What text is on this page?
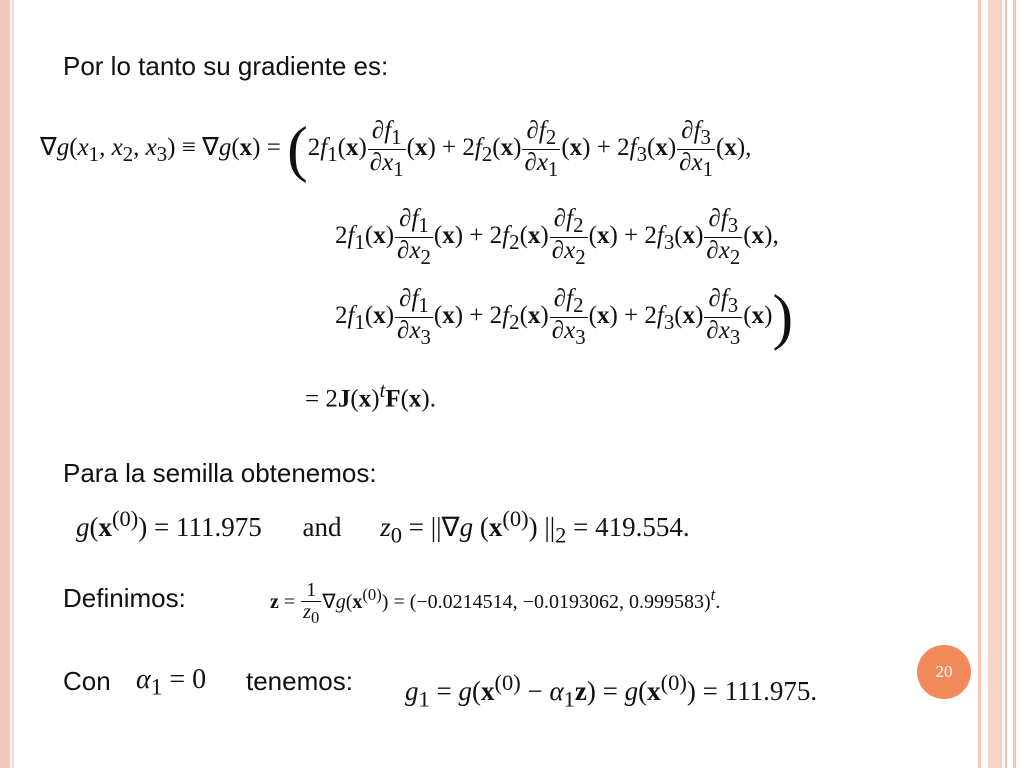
Por lo tanto su gradiente es:
$\nabla g(x_1$, $x_2$, $x_3) \equiv \nabla g(x) = (2f_1(x) \frac{\partial f_1}{\partial x_1} (x) + 2f_2(x) \frac{\partial f_2}{\partial x_1} (x) + 2f_3(x) \frac{\partial f_3}{\partial x_1} (x)$,
$2f_1(x) \frac{\partial f_1}{\partial x_2} (x) + 2f_2(x) \frac{\partial f_2}{\partial x_2} (x) + 2f_3(x) \frac{\partial f_3}{\partial x_2} (x)$,
$2f_1(x) \frac{\partial f_1}{\partial x_3} (x) + 2f_2(x) \frac{\partial f_2}{\partial x_3} (x) + 2f_3(x) \frac{\partial f_3}{\partial x_3} (x)$)
= $2J(x)^tF(x)$.
Para la semilla obtenemos:
$g(x^{(0)}) = 111.975$ and $z_0 = ||\nabla g$ $(x^{(0)}) ||_2 = 419.554$.
Definimos:	$z = \frac{1}{z_0} \nabla g(x^{(0)}) = (-0.0214514$, −0.0193062, 0.999583)$^t$.
Con $\alpha_1 = 0$ tenemos: $g_1 = g(x^{(0)} - \alpha_1z) = g(x^{(0)}) = 111.975$.
20
